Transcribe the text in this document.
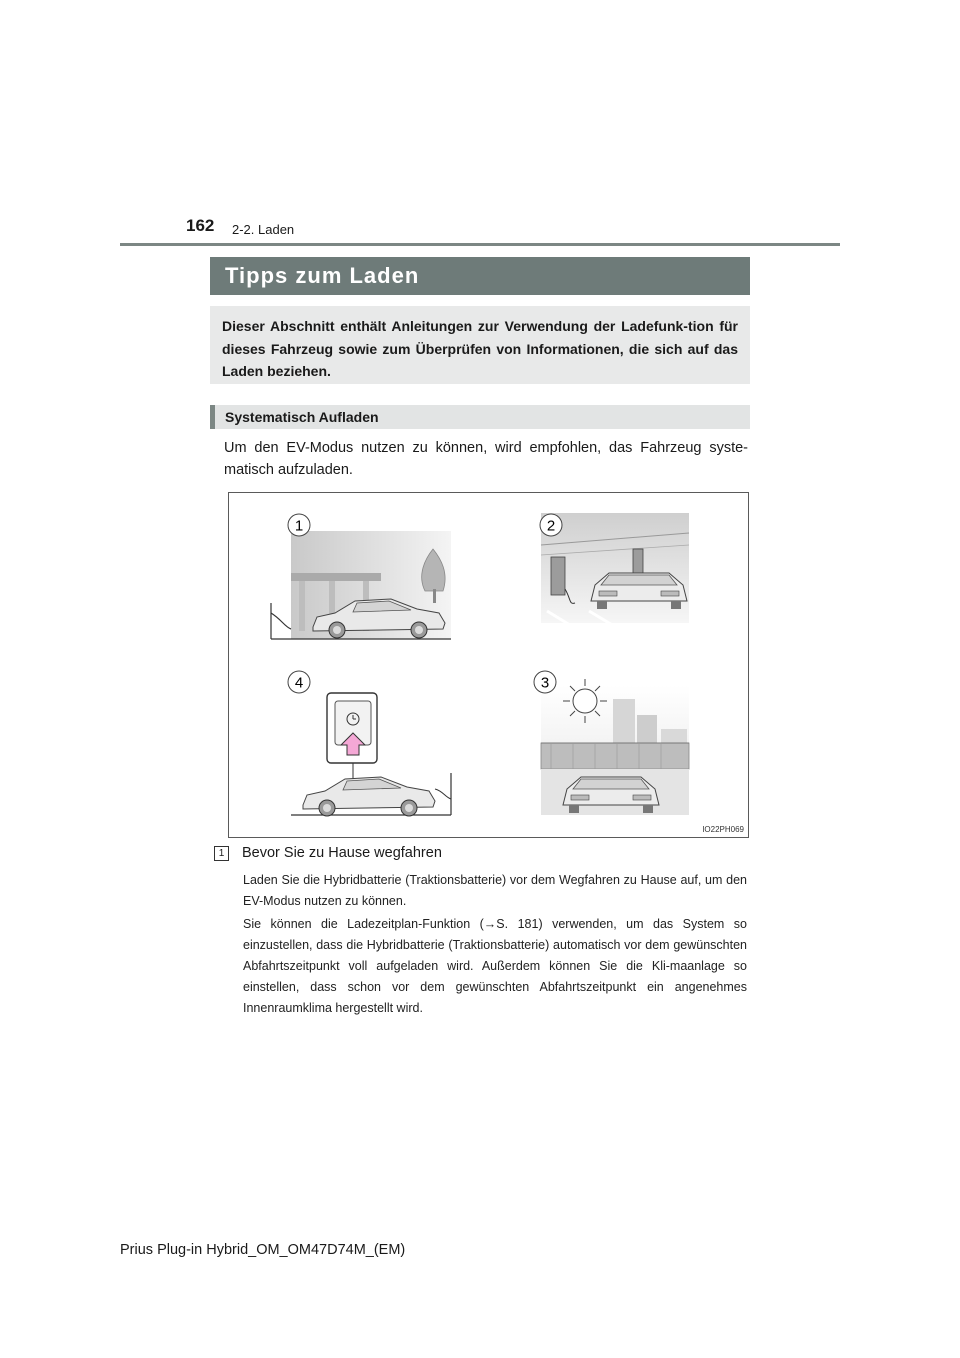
162 2-2. Laden
Tipps zum Laden

Dieser Abschnitt enthält Anleitungen zur Verwendung der Ladefunk-tion für dieses Fahrzeug sowie zum Überprüfen von Informationen, die sich auf das Laden beziehen.

Systematisch Aufladen

Um den EV-Modus nutzen zu können, wird empfohlen, das Fahrzeug syste-matisch aufzuladen.

1	2
4	3
IO22PH069
1	Bevor Sie zu Hause wegfahren

Laden Sie die Hybridbatterie (Traktionsbatterie) vor dem Wegfahren zu Hause auf, um den EV-Modus nutzen zu können.

Sie können die Ladezeitplan-Funktion (→S. 181) verwenden, um das System so einzustellen, dass die Hybridbatterie (Traktionsbatterie) automatisch vor dem gewünschten Abfahrtszeitpunkt voll aufgeladen wird. Außerdem können Sie die Kli-maanlage so einstellen, dass schon vor dem gewünschten Abfahrtszeitpunkt ein angenehmes Innenraumklima hergestellt wird.

Prius Plug-in Hybrid_OM_OM47D74M_(EM)
